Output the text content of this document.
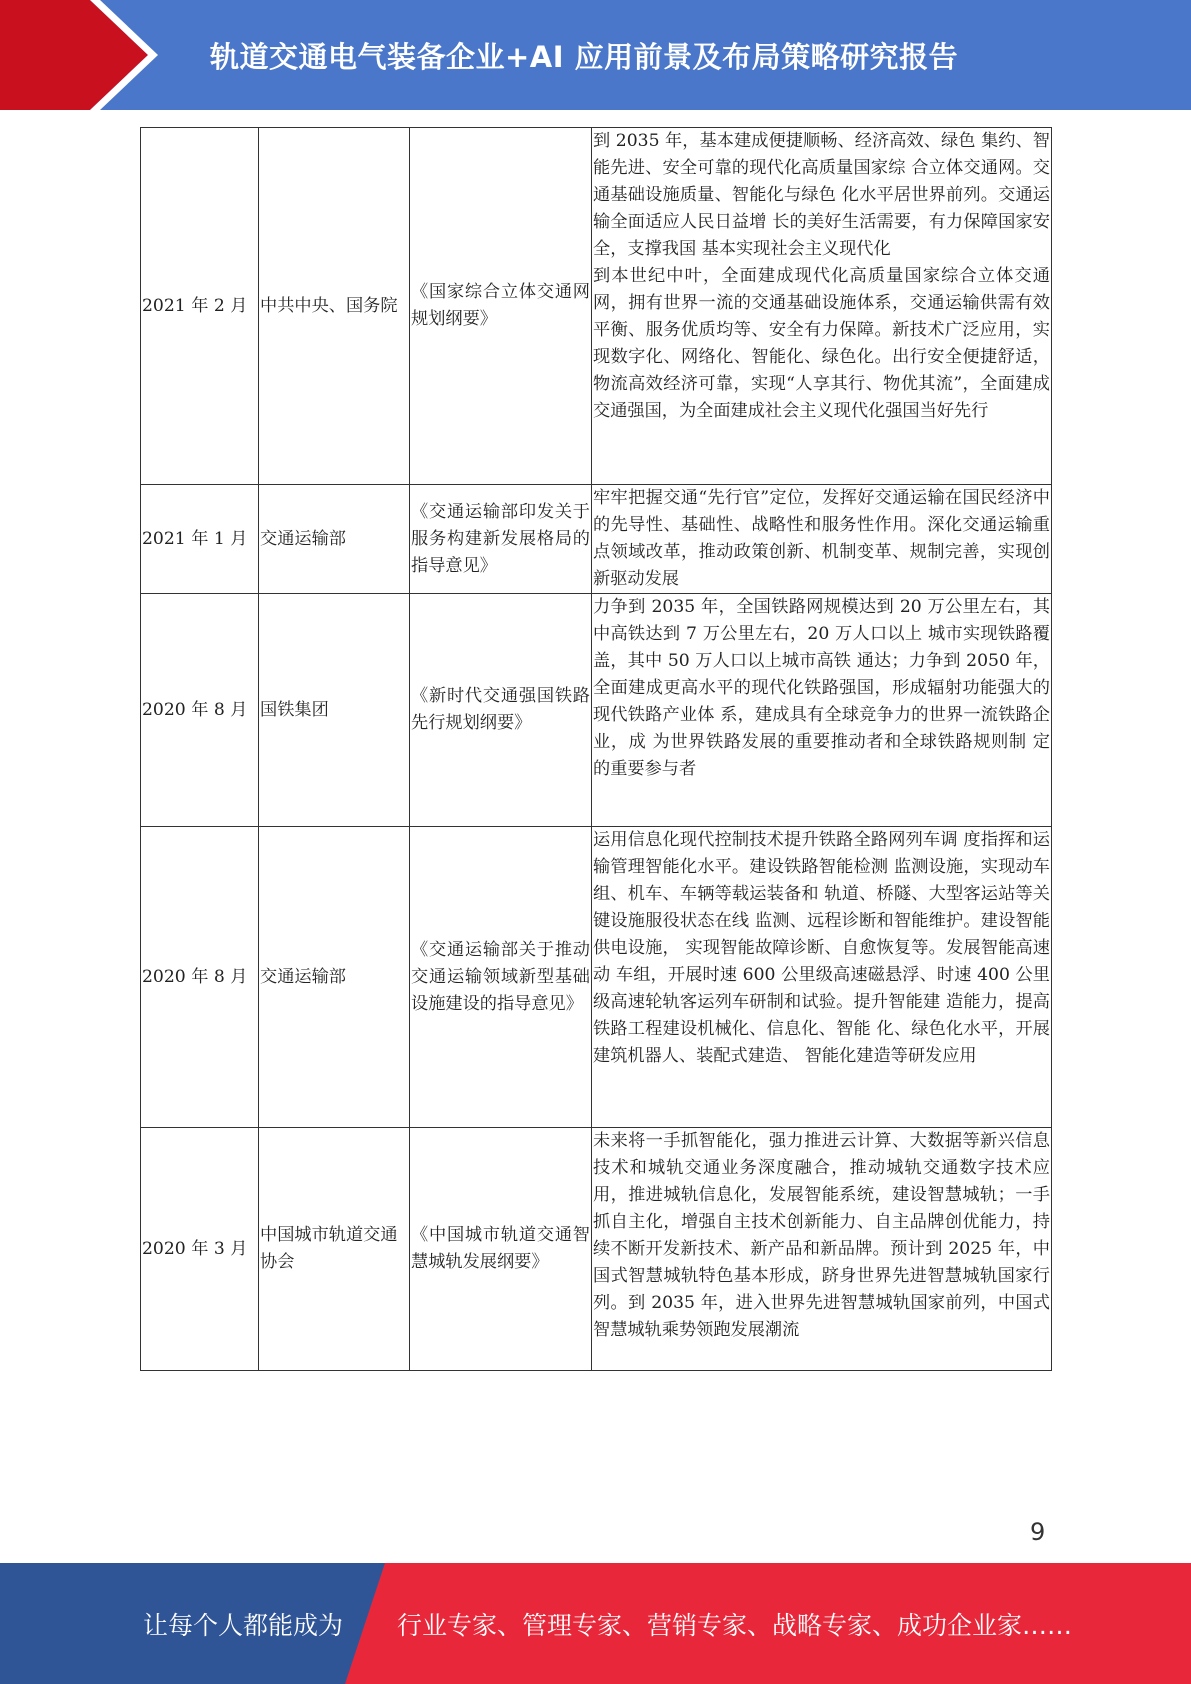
轨道交通电气装备企业+AI 应用前景及布局策略研究报告
2021 年 2 月	中共中央、国务院	《国家综合立体交通网规划纲要》	到 2035 年，基本建成便捷顺畅、经济高效、绿色 集约、智能先进、安全可靠的现代化高质量国家综 合立体交通网。交通基础设施质量、智能化与绿色 化水平居世界前列。交通运输全面适应人民日益增 长的美好生活需要，有力保障国家安全，支撑我国 基本实现社会主义现代化
到本世纪中叶，全面建成现代化高质量国家综合立体交通网，拥有世界一流的交通基础设施体系，交通运输供需有效平衡、服务优质均等、安全有力保障。新技术广泛应用，实现数字化、网络化、智能化、绿色化。出行安全便捷舒适，物流高效经济可靠，实现“人享其行、物优其流”，全面建成交通强国，为全面建成社会主义现代化强国当好先行

2021 年 1 月	交通运输部	《交通运输部印发关于服务构建新发展格局的指导意见》	牢牢把握交通“先行官”定位，发挥好交通运输在国民经济中的先导性、基础性、战略性和服务性作用。深化交通运输重点领域改革，推动政策创新、机制变革、规制完善，实现创新驱动发展
2020 年 8 月	国铁集团	《新时代交通强国铁路先行规划纲要》	力争到 2035 年，全国铁路网规模达到 20 万公里左右，其中高铁达到 7 万公里左右，20 万人口以上 城市实现铁路覆盖，其中 50 万人口以上城市高铁 通达；力争到 2050 年，全面建成更高水平的现代化铁路强国，形成辐射功能强大的现代铁路产业体 系，建成具有全球竞争力的世界一流铁路企业，成 为世界铁路发展的重要推动者和全球铁路规则制 定的重要参与者
2020 年 8 月	交通运输部	《交通运输部关于推动交通运输领域新型基础设施建设的指导意见》	运用信息化现代控制技术提升铁路全路网列车调 度指挥和运输管理智能化水平。建设铁路智能检测 监测设施，实现动车组、机车、车辆等载运装备和 轨道、桥隧、大型客运站等关键设施服役状态在线 监测、远程诊断和智能维护。建设智能供电设施， 实现智能故障诊断、自愈恢复等。发展智能高速动 车组，开展时速 600 公里级高速磁悬浮、时速 400 公里级高速轮轨客运列车研制和试验。提升智能建 造能力，提高铁路工程建设机械化、信息化、智能 化、绿色化水平，开展建筑机器人、装配式建造、 智能化建造等研发应用
2020 年 3 月	中国城市轨道交通协会	《中国城市轨道交通智慧城轨发展纲要》	未来将一手抓智能化，强力推进云计算、大数据等新兴信息技术和城轨交通业务深度融合，推动城轨交通数字技术应用，推进城轨信息化，发展智能系统，建设智慧城轨；一手抓自主化，增强自主技术创新能力、自主品牌创优能力，持续不断开发新技术、新产品和新品牌。预计到 2025 年，中国式智慧城轨特色基本形成，跻身世界先进智慧城轨国家行列。到 2035 年，进入世界先进智慧城轨国家前列，中国式智慧城轨乘势领跑发展潮流
9
让每个人都能成为 行业专家、管理专家、营销专家、战略专家、成功企业家……
